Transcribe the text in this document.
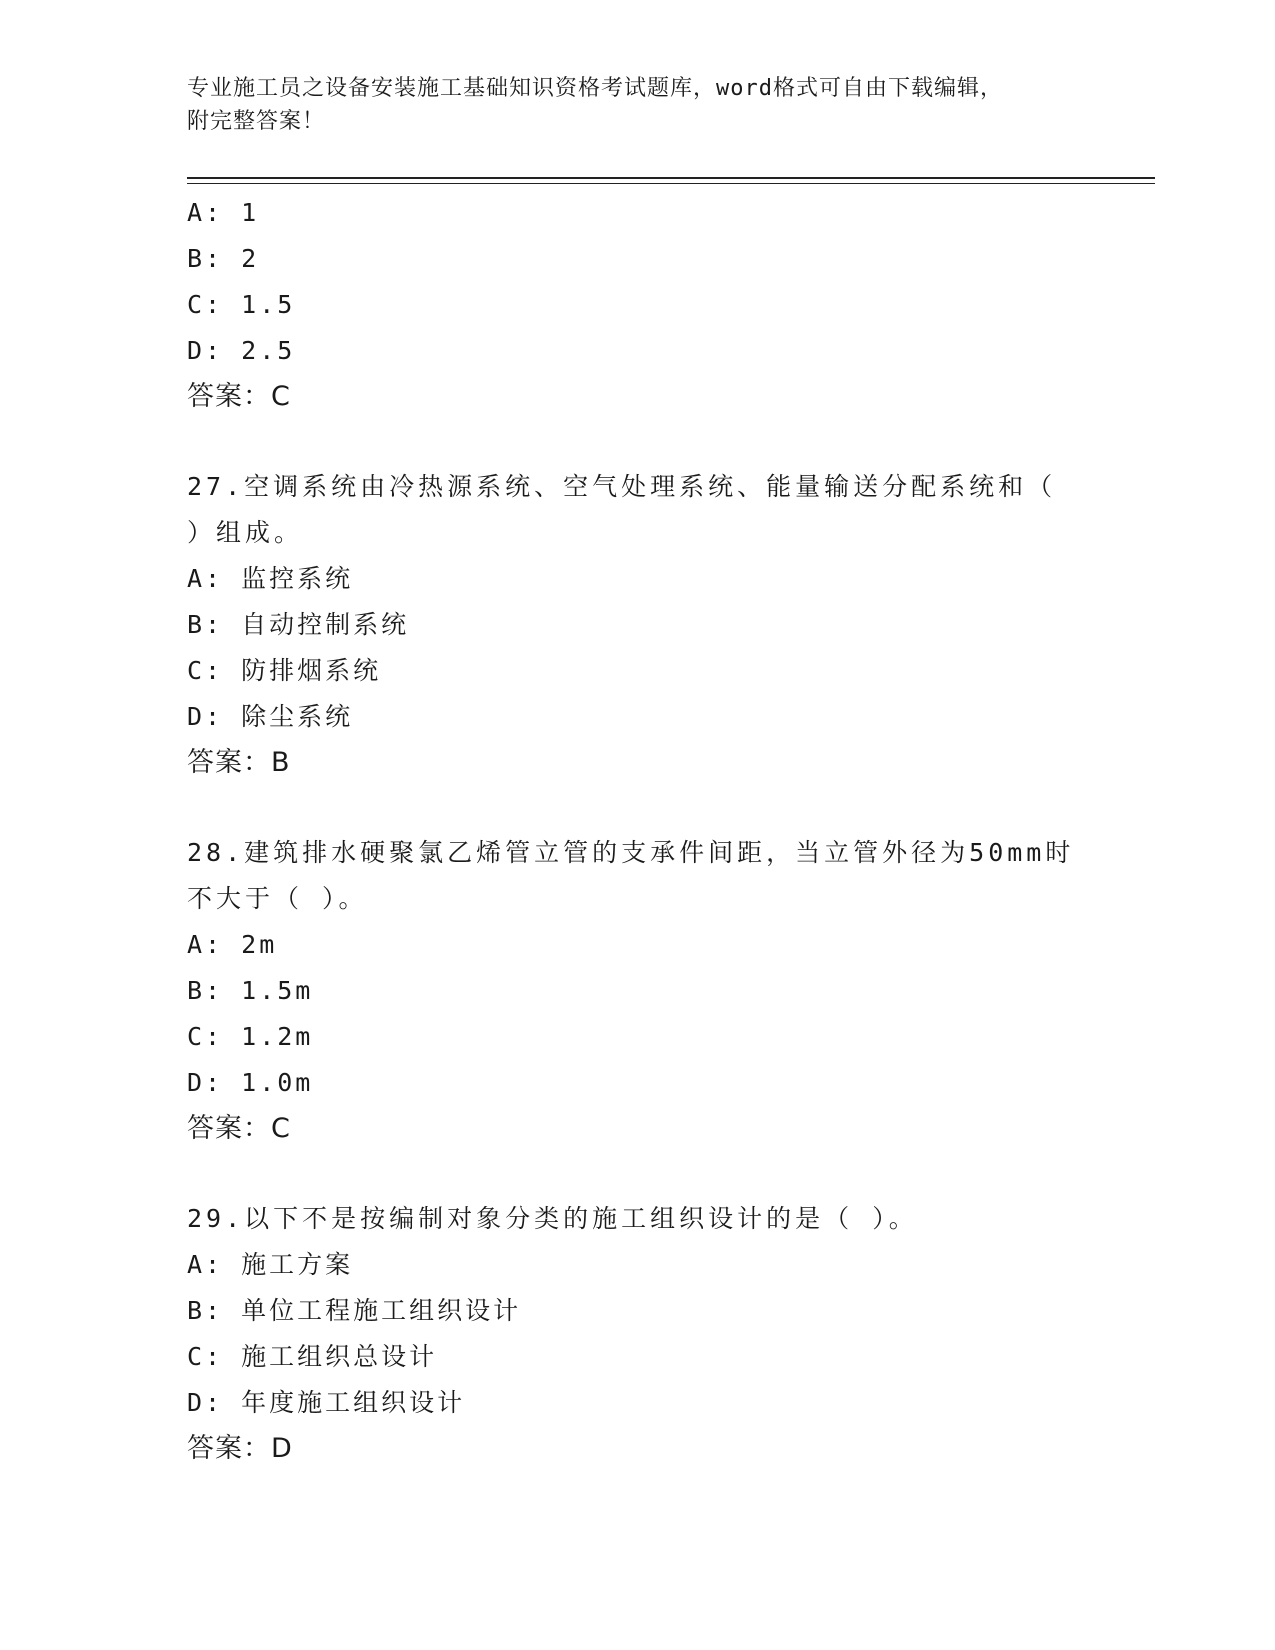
专业施工员之设备安装施工基础知识资格考试题库，word格式可自由下载编辑，
附完整答案！
A: 1
B: 2
C: 1.5
D: 2.5
答案：C
27.空调系统由冷热源系统、空气处理系统、能量输送分配系统和（
）组成。
A: 监控系统
B: 自动控制系统
C: 防排烟系统
D: 除尘系统
答案：B
28.建筑排水硬聚氯乙烯管立管的支承件间距，当立管外径为50mm时
不大于（ ）。
A: 2m
B: 1.5m
C: 1.2m
D: 1.0m
答案：C
29.以下不是按编制对象分类的施工组织设计的是（ ）。
A: 施工方案
B: 单位工程施工组织设计
C: 施工组织总设计
D: 年度施工组织设计
答案：D
